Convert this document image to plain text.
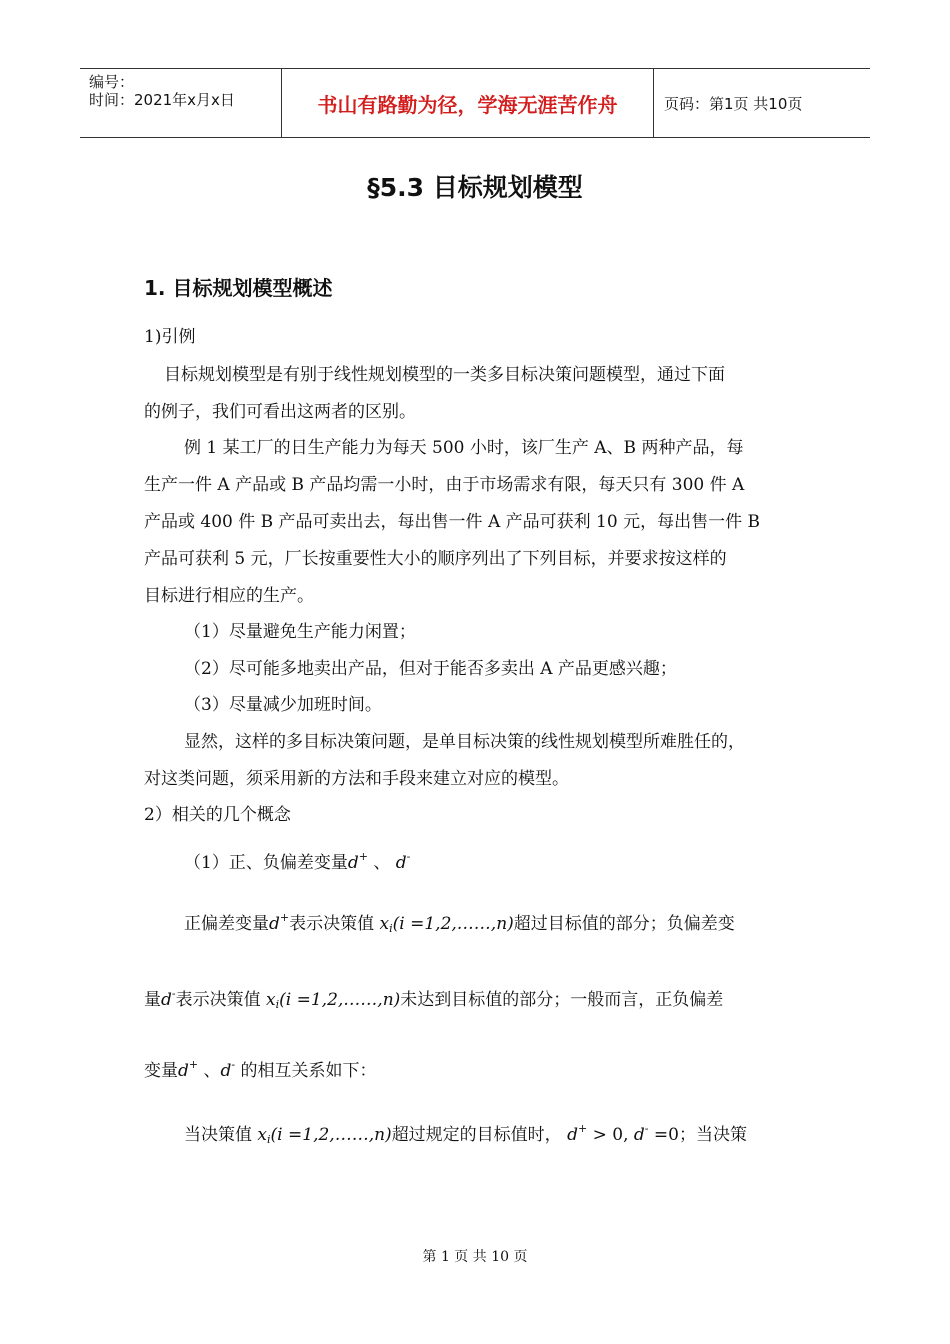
编号：
时间：2021年x月x日	书山有路勤为径，学海无涯苦作舟	页码：第1页 共10页
§5.3 目标规划模型
1. 目标规划模型概述
1)引例
目标规划模型是有别于线性规划模型的一类多目标决策问题模型，通过下面
的例子，我们可看出这两者的区别。
例 1 某工厂的日生产能力为每天 500 小时，该厂生产 A、B 两种产品，每
生产一件 A 产品或 B 产品均需一小时，由于市场需求有限，每天只有 300 件 A
产品或 400 件 B 产品可卖出去，每出售一件 A 产品可获利 10 元，每出售一件 B
产品可获利 5 元，厂长按重要性大小的顺序列出了下列目标，并要求按这样的
目标进行相应的生产。
（1）尽量避免生产能力闲置；
（2）尽可能多地卖出产品，但对于能否多卖出 A 产品更感兴趣；
（3）尽量减少加班时间。
显然，这样的多目标决策问题，是单目标决策的线性规划模型所难胜任的，
对这类问题，须采用新的方法和手段来建立对应的模型。
2）相关的几个概念
（1）正、负偏差变量d+ 、 d-
正偏差变量d+表示决策值 $x_i(i$ =1,2,……,n)超过目标值的部分；负偏差变
量d-表示决策值 $x_i(i$ =1,2,……,n)未达到目标值的部分；一般而言，正负偏差
变量d+ 、d- 的相互关系如下：
当决策值 $x_i(i$ =1,2,……,n)超过规定的目标值时， d+ > 0, d- =0；当决策
第 1 页 共 10 页
